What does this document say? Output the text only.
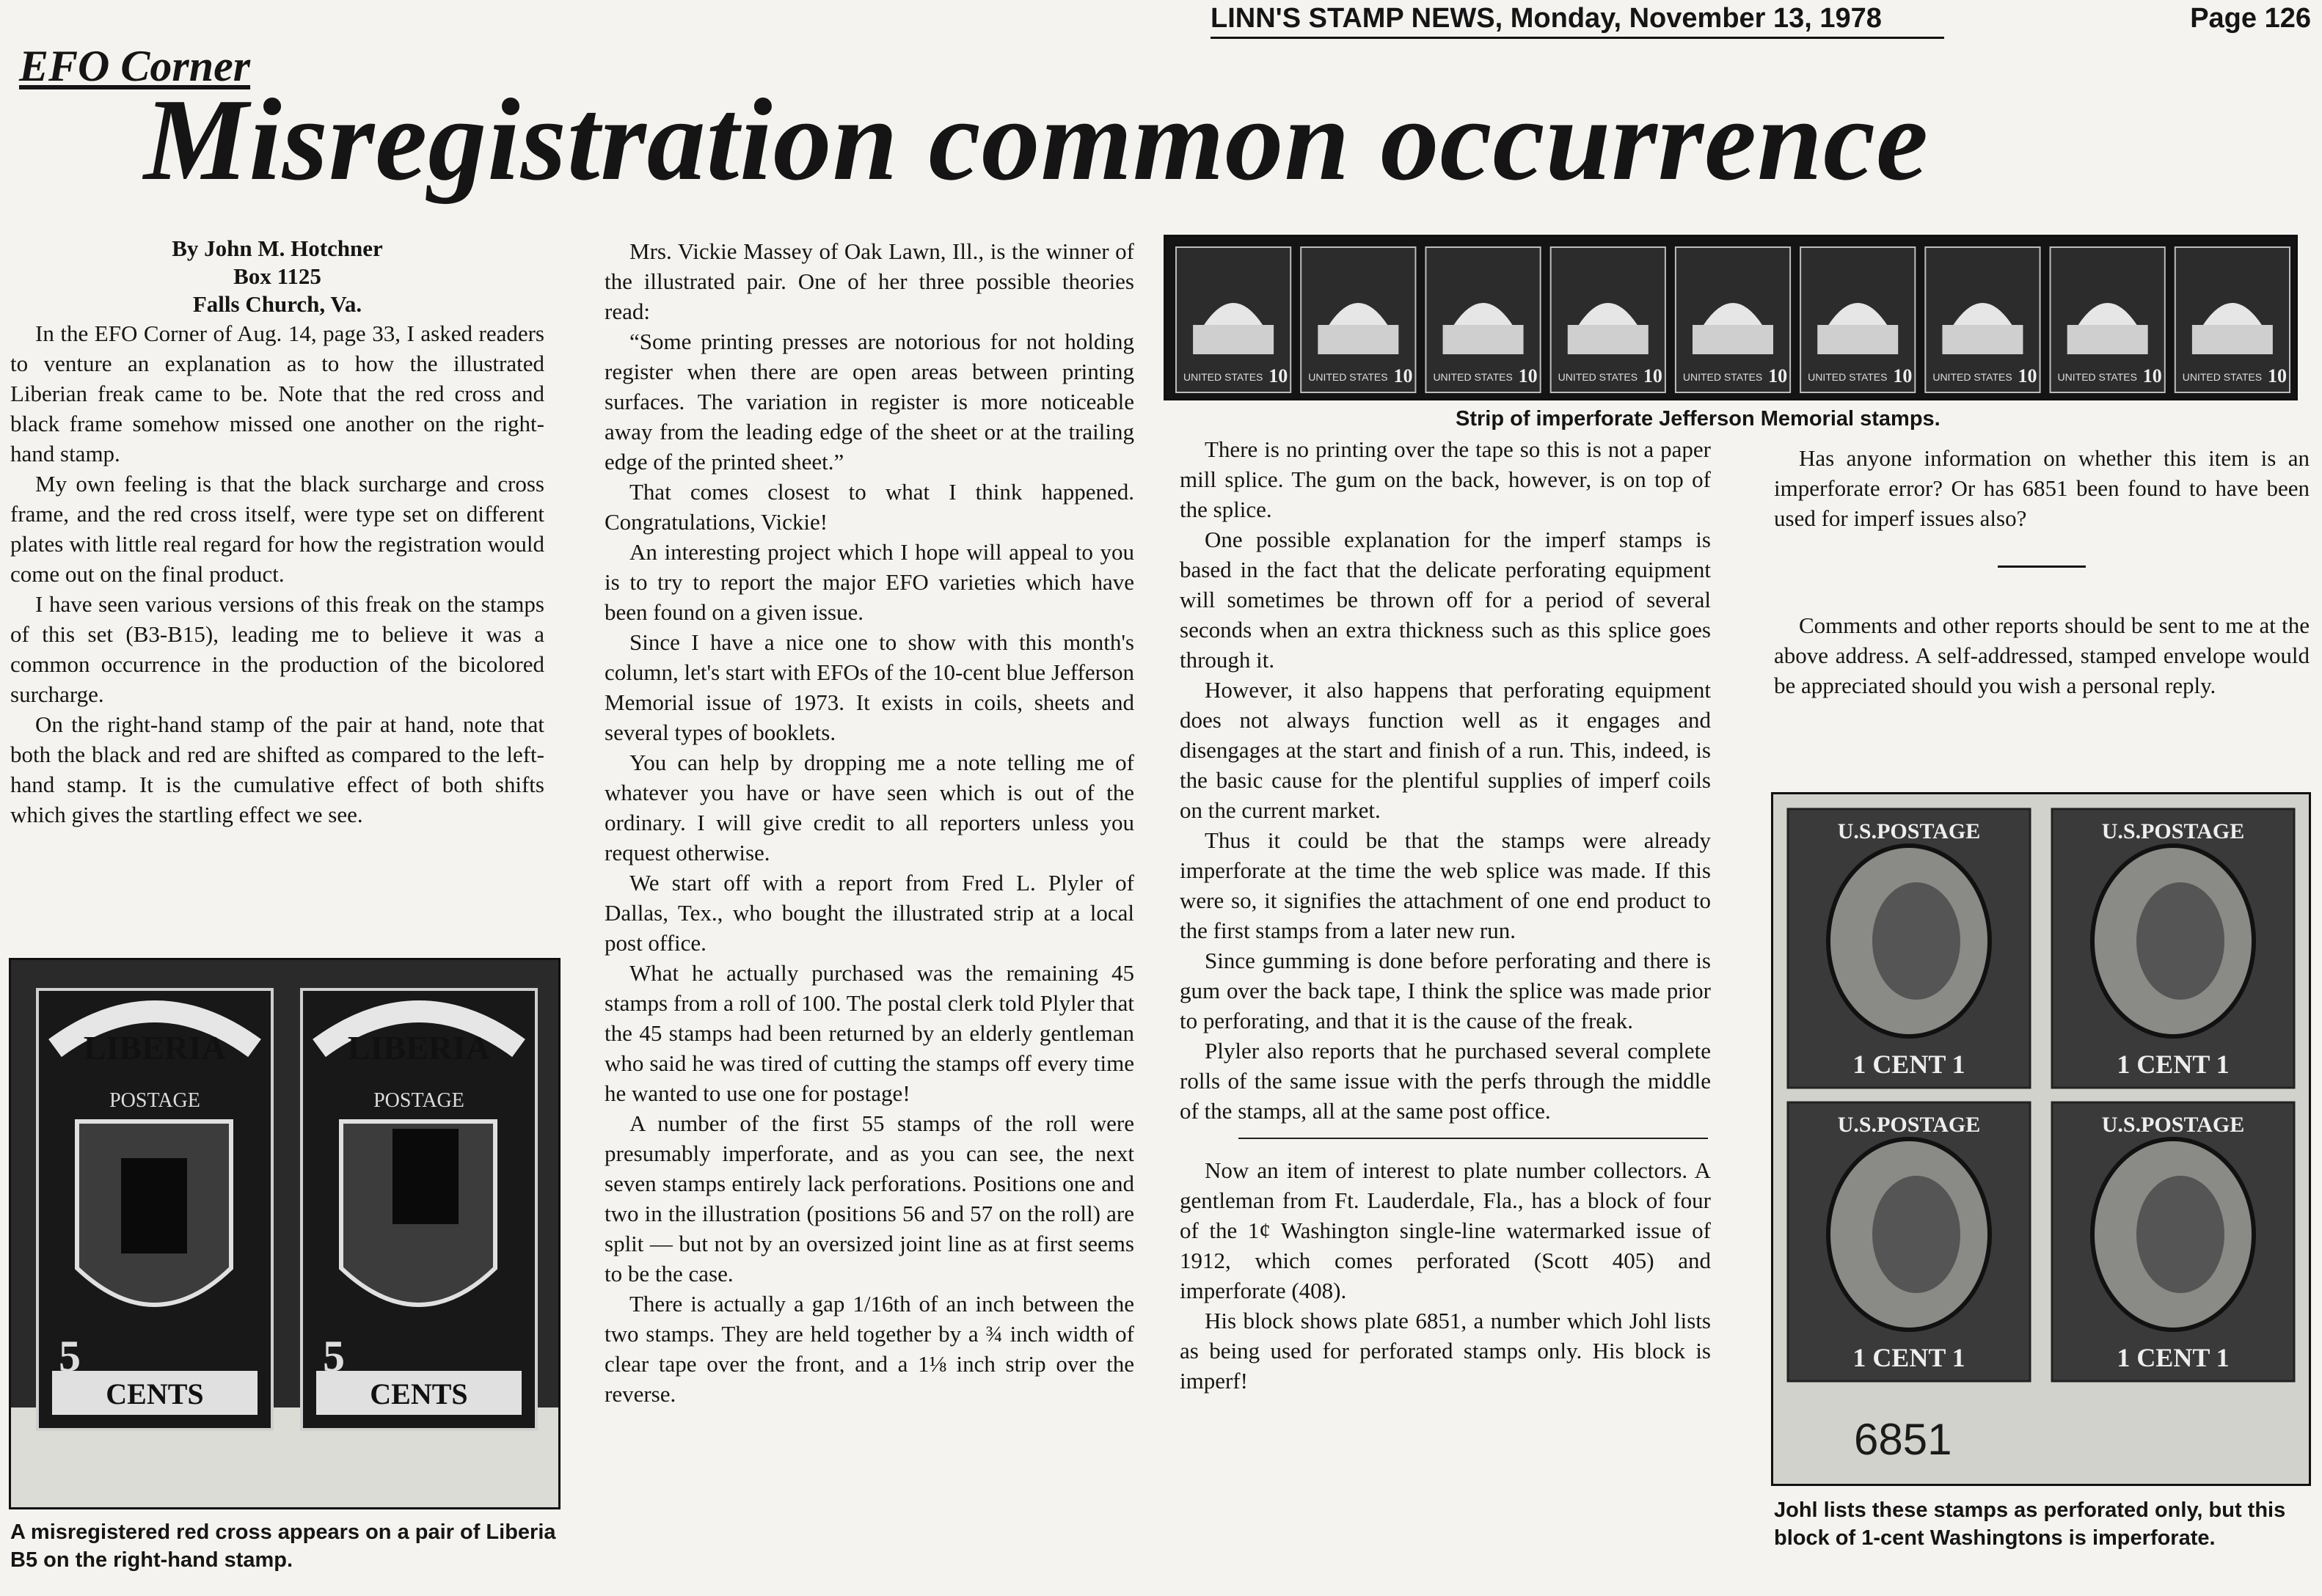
LINN'S STAMP NEWS, Monday, November 13, 1978	Page 126
EFO Corner
Misregistration common occurrence
By John M. Hotchner
Box 1125
Falls Church, Va.

In the EFO Corner of Aug. 14, page 33, I asked readers to venture an explanation as to how the illustrated Liberian freak came to be. Note that the red cross and black frame somehow missed one another on the right-hand stamp.

My own feeling is that the black surcharge and cross frame, and the red cross itself, were type set on different plates with little real regard for how the registration would come out on the final product.

I have seen various versions of this freak on the stamps of this set (B3-B15), leading me to believe it was a common occurrence in the production of the bicolored surcharge.

On the right-hand stamp of the pair at hand, note that both the black and red are shifted as compared to the left-hand stamp. It is the cumulative effect of both shifts which gives the startling effect we see.

LIBERIA
POSTAGE
5
CENTS
LIBERIA
POSTAGE
5
CENTS
A misregistered red cross appears on a pair of Liberia B5 on the right-hand stamp.

Mrs. Vickie Massey of Oak Lawn, Ill., is the winner of the illustrated pair. One of her three possible theories read:

“Some printing presses are notorious for not holding register when there are open areas between printing surfaces. The variation in register is more noticeable away from the leading edge of the sheet or at the trailing edge of the printed sheet.”

That comes closest to what I think happened. Congratulations, Vickie!

An interesting project which I hope will appeal to you is to try to report the major EFO varieties which have been found on a given issue.

Since I have a nice one to show with this month's column, let's start with EFOs of the 10-cent blue Jefferson Memorial issue of 1973. It exists in coils, sheets and several types of booklets.

You can help by dropping me a note telling me of whatever you have or have seen which is out of the ordinary. I will give credit to all reporters unless you request otherwise.

We start off with a report from Fred L. Plyler of Dallas, Tex., who bought the illustrated strip at a local post office.

What he actually purchased was the remaining 45 stamps from a roll of 100. The postal clerk told Plyler that the 45 stamps had been returned by an elderly gentleman who said he was tired of cutting the stamps off every time he wanted to use one for postage!

A number of the first 55 stamps of the roll were presumably imperforate, and as you can see, the next seven stamps entirely lack perforations. Positions one and two in the illustration (positions 56 and 57 on the roll) are split — but not by an oversized joint line as at first seems to be the case.

There is actually a gap 1/16th of an inch between the two stamps. They are held together by a ¾ inch width of clear tape over the front, and a 1⅛ inch strip over the reverse.

UNITED STATES 10 UNITED STATES 10 UNITED STATES 10 UNITED STATES 10 UNITED STATES 10 UNITED STATES 10 UNITED STATES 10 UNITED STATES 10 UNITED STATES 10
Strip of imperforate Jefferson Memorial stamps.

There is no printing over the tape so this is not a paper mill splice. The gum on the back, however, is on top of the splice.

One possible explanation for the imperf stamps is based in the fact that the delicate perforating equipment will sometimes be thrown off for a period of several seconds when an extra thickness such as this splice goes through it.

However, it also happens that perforating equipment does not always function well as it engages and disengages at the start and finish of a run. This, indeed, is the basic cause for the plentiful supplies of imperf coils on the current market.

Thus it could be that the stamps were already imperforate at the time the web splice was made. If this were so, it signifies the attachment of one end product to the first stamps from a later new run.

Since gumming is done before perforating and there is gum over the back tape, I think the splice was made prior to perforating, and that it is the cause of the freak.

Plyler also reports that he purchased several complete rolls of the same issue with the perfs through the middle of the stamps, all at the same post office.

Now an item of interest to plate number collectors. A gentleman from Ft. Lauderdale, Fla., has a block of four of the 1¢ Washington single-line watermarked issue of 1912, which comes perforated (Scott 405) and imperforate (408).

His block shows plate 6851, a number which Johl lists as being used for perforated stamps only. His block is imperf!

Has anyone information on whether this item is an imperforate error? Or has 6851 been found to have been used for imperf issues also?

Comments and other reports should be sent to me at the above address. A self-addressed, stamped envelope would be appreciated should you wish a personal reply.

U.S.POSTAGE
1 CENT 1
U.S.POSTAGE
1 CENT 1
U.S.POSTAGE
1 CENT 1
U.S.POSTAGE
1 CENT 1
6851
Johl lists these stamps as perforated only, but this block of 1-cent Washingtons is imperforate.
